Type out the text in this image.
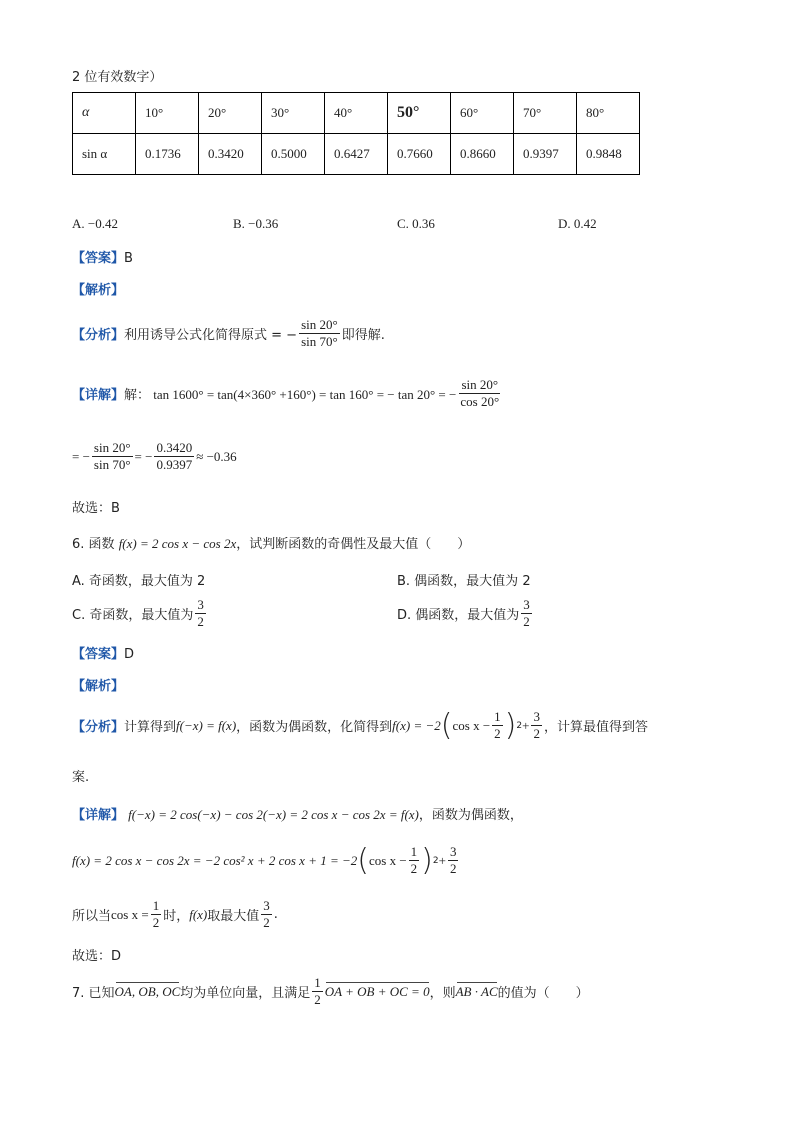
2 位有效数字）
α	10°	20°	30°	40°	50°	60°	70°	80°
sin α	0.1736	0.3420	0.5000	0.6427	0.7660	0.8660	0.9397	0.9848
A. −0.42	B. −0.36	C. 0.36	D. 0.42
【答案】B
【解析】
【分析】 利用诱导公式化简得原式 = − $\frac{\sin 20^\circ}{\sin 70^\circ}$ 即得解.
【详解】 解： tan 1600° = tan(4×360° +160°) = tan 160° = − tan 20° = − $\frac{\sin 20^\circ}{\cos 20^\circ}$
= − $\frac{\sin 20^\circ}{\sin 70^\circ}$ = − $\frac{0.3420}{0.9397} \approx -0.36$
故选：B
6. 函数 f(x) = 2 cos x − cos 2x，试判断函数的奇偶性及最大值（　　）
A. 奇函数，最大值为 2	B. 偶函数，最大值为 2
C. 奇函数，最大值为 $\frac{3}{2}$	D. 偶函数，最大值为 $\frac{3}{2}$
【答案】D
【解析】
【分析】 计算得到 f(−x) = f(x) ，函数为偶函数，化简得到 f(x) = −2 ( $\cos x - \frac{1}{2}$ ) $2 + \frac{3}{2}$ ，计算最值得到答
案.
【详解】 f(−x) = 2 cos(−x) − cos 2(−x) = 2 cos x − cos 2x = f(x)，函数为偶函数，
f(x) = 2 cos x − cos 2x = −2 cos² x + 2 cos x + 1 = −2 ( $\cos x - \frac{1}{2}$ ) $2 + \frac{3}{2}$
所以当 $\cos x = \frac{1}{2}$ 时， f(x) 取最大值 $\frac{3}{2}$ .
故选：D
7. 已知 OA, OB, OC 均为单位向量，且满足 $\frac{1}{2}$ OA + OB + OC = 0 ，则 AB · AC 的值为（　　）
